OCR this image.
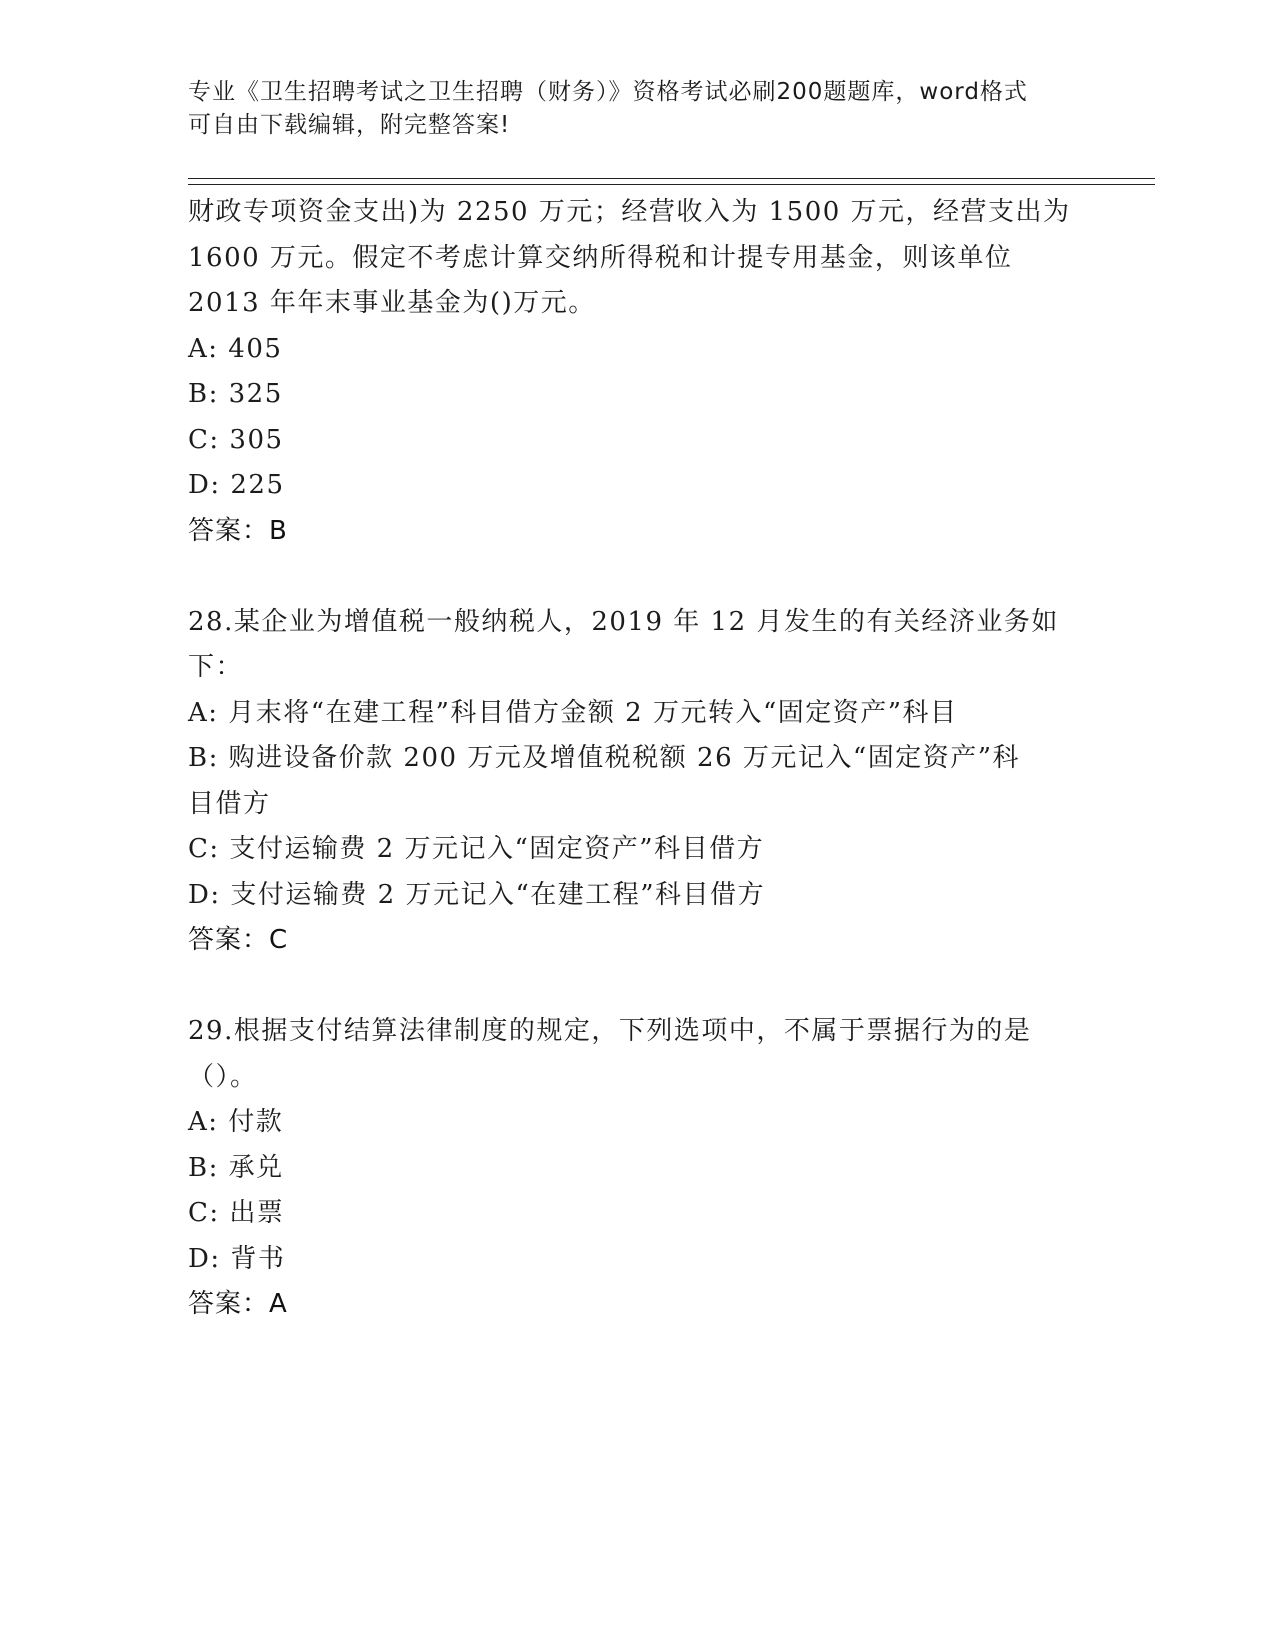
专业《卫生招聘考试之卫生招聘（财务）》资格考试必刷200题题库，word格式
可自由下载编辑，附完整答案!
财政专项资金支出)为 2250 万元；经营收入为 1500 万元，经营支出为
1600 万元。假定不考虑计算交纳所得税和计提专用基金，则该单位
2013 年年末事业基金为()万元。
A: 405
B: 325
C: 305
D: 225
答案：B
28.某企业为增值税一般纳税人，2019 年 12 月发生的有关经济业务如
下：
A: 月末将“在建工程”科目借方金额 2 万元转入“固定资产”科目
B: 购进设备价款 200 万元及增值税税额 26 万元记入“固定资产”科
目借方
C: 支付运输费 2 万元记入“固定资产”科目借方
D: 支付运输费 2 万元记入“在建工程”科目借方
答案：C
29.根据支付结算法律制度的规定，下列选项中，不属于票据行为的是
（）。
A: 付款
B: 承兑
C: 出票
D: 背书
答案：A
